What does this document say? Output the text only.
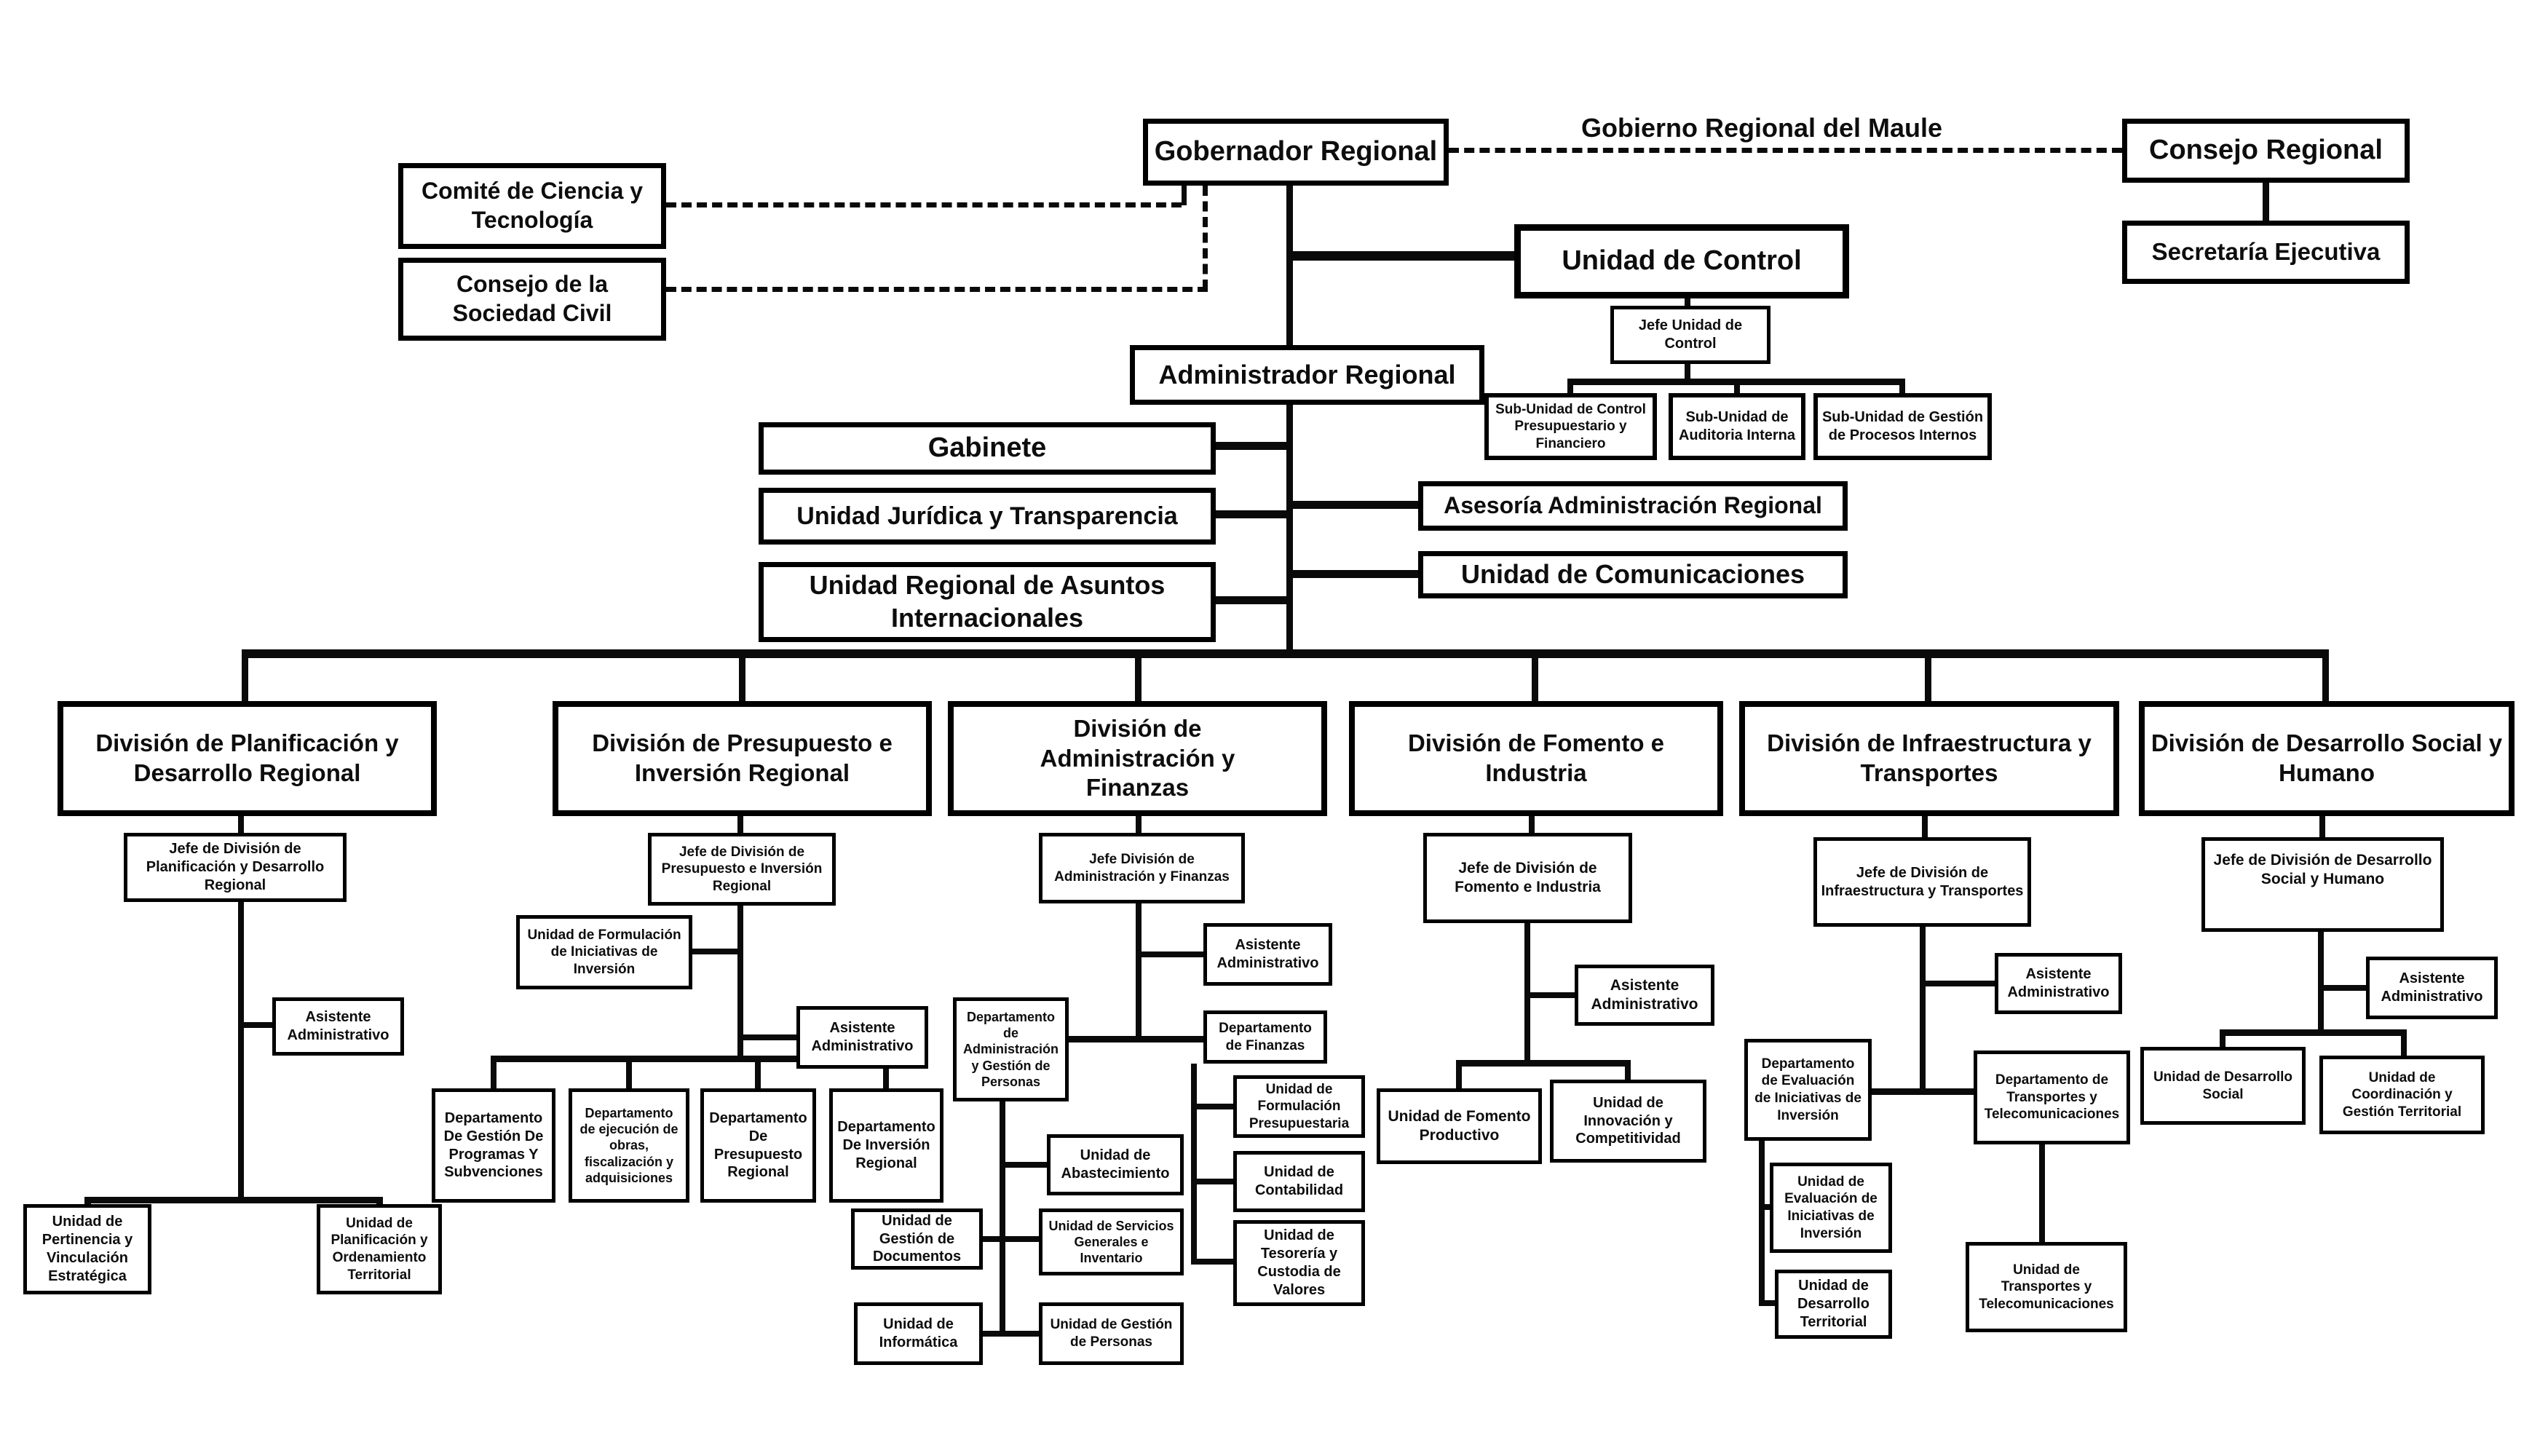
Gobierno Regional del Maule
Gobernador Regional	Consejo Regional
Secretaría Ejecutiva
Comité de Ciencia y Tecnología
Consejo de la Sociedad Civil
Unidad de Control
Jefe Unidad de Control
Sub-Unidad de Control Presupuestario y Financiero
Sub-Unidad de Auditoria Interna
Sub-Unidad de Gestión de Procesos Internos
Administrador Regional
Gabinete
Unidad Jurídica y Transparencia
Unidad Regional de Asuntos Internacionales
Asesoría Administración Regional
Unidad de Comunicaciones
División de Planificación y Desarrollo Regional
División de Presupuesto e Inversión Regional
División de Administración y Finanzas
División de Fomento e Industria
División de Infraestructura y Transportes
División de Desarrollo Social y Humano
Jefe de División de Planificación y Desarrollo Regional
Asistente Administrativo
Unidad de Pertinencia y Vinculación Estratégica
Unidad de Planificación y Ordenamiento Territorial
Jefe de División de Presupuesto e Inversión Regional
Unidad de Formulación de Iniciativas de Inversión
Asistente Administrativo
Departamento De Gestión De Programas Y Subvenciones
Departamento de ejecución de obras, fiscalización y adquisiciones
Departamento De Presupuesto Regional
Departamento De Inversión Regional
Jefe División de Administración y Finanzas
Asistente Administrativo
Departamento de Administración y Gestión de Personas
Departamento de Finanzas
Unidad de Abastecimiento
Unidad de Gestión de Documentos
Unidad de Servicios Generales e Inventario
Unidad de Informática
Unidad de Gestión de Personas
Unidad de Formulación Presupuestaria
Unidad de Contabilidad
Unidad de Tesorería y Custodia de Valores
Jefe de División de Fomento e Industria
Asistente Administrativo
Unidad de Fomento Productivo
Unidad de Innovación y Competitividad
Jefe de División de Infraestructura y Transportes
Asistente Administrativo
Departamento de Evaluación de Iniciativas de Inversión
Departamento de Transportes y Telecomunicaciones
Unidad de Evaluación de Iniciativas de Inversión
Unidad de Desarrollo Territorial
Unidad de Transportes y Telecomunicaciones
Jefe de División de Desarrollo Social y Humano
Asistente Administrativo
Unidad de Desarrollo Social
Unidad de Coordinación y Gestión Territorial
